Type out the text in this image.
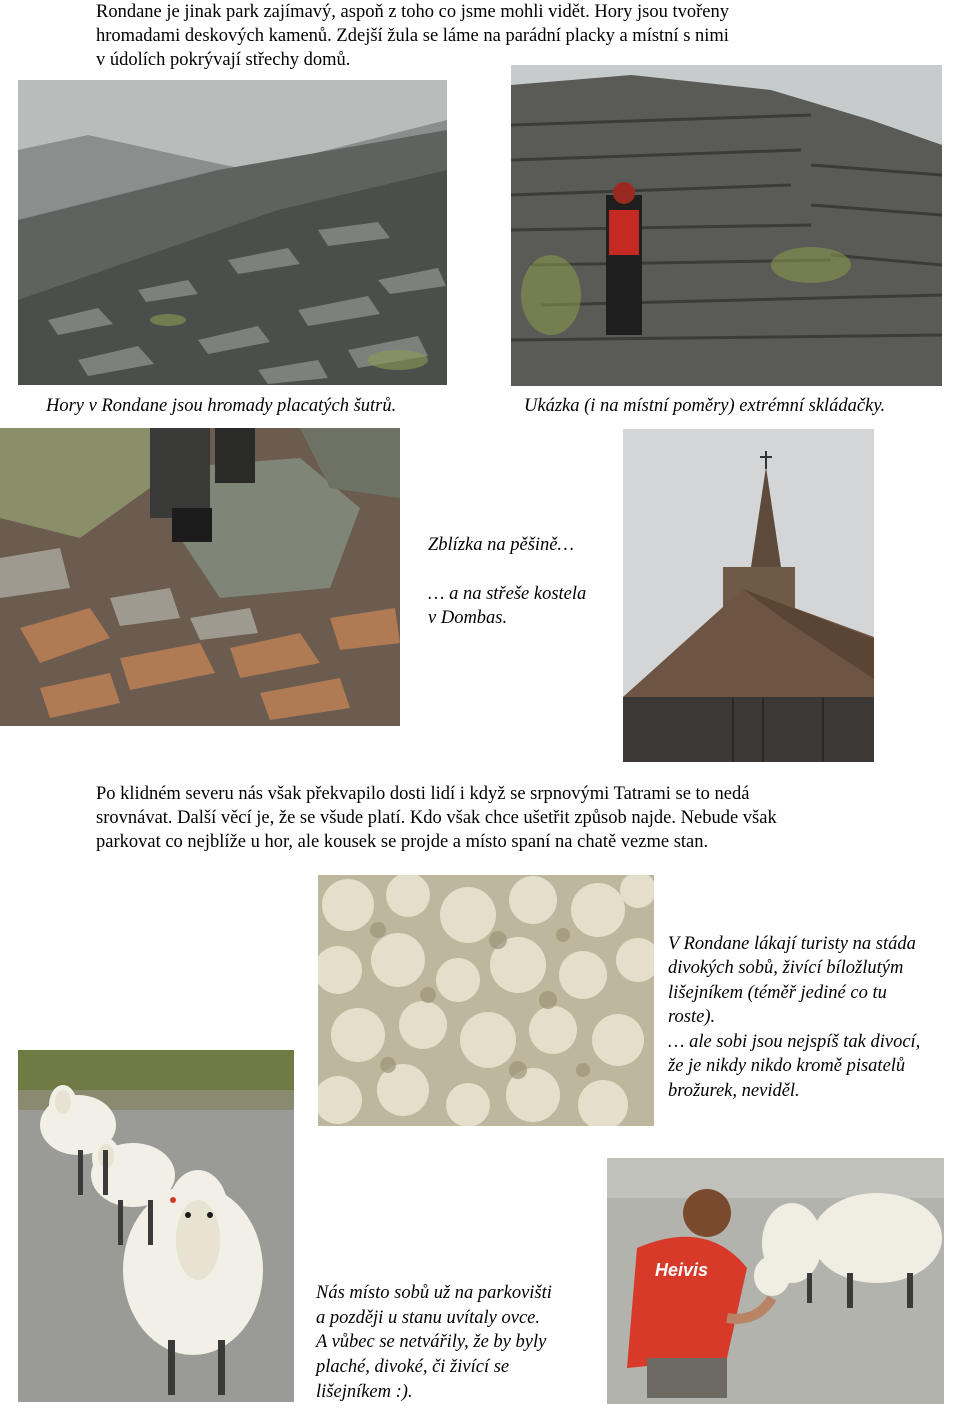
Rondane je jinak park zajímavý, aspoň z toho co jsme mohli vidět. Hory jsou tvořeny

hromadami deskových kamenů. Zdejší žula se láme na parádní placky a místní s nimi

v údolích pokrývají střechy domů.

Hory v Rondane jsou hromady placatých šutrů.	Ukázka (i na místní poměry) extrémní skládačky.

Zblízka na pěšině…

… a na střeše kostela

v Dombas.

Po klidném severu nás však překvapilo dosti lidí i když se srpnovými Tatrami se to nedá

srovnávat. Další věcí je, že se všude platí. Kdo však chce ušetřit způsob najde. Nebude však

parkovat co nejblíže u hor, ale kousek se projde a místo spaní na chatě vezme stan.

V Rondane lákají turisty na stáda

divokých sobů, živící bíložlutým

lišejníkem (téměř jediné co tu

roste).

… ale sobi jsou nejspíš tak divocí,

že je nikdy nikdo kromě pisatelů

brožurek, neviděl.

Heivis

Nás místo sobů už na parkovišti

a později u stanu uvítaly ovce.

A vůbec se netvářily, že by byly

plaché, divoké, či živící se

lišejníkem :).
